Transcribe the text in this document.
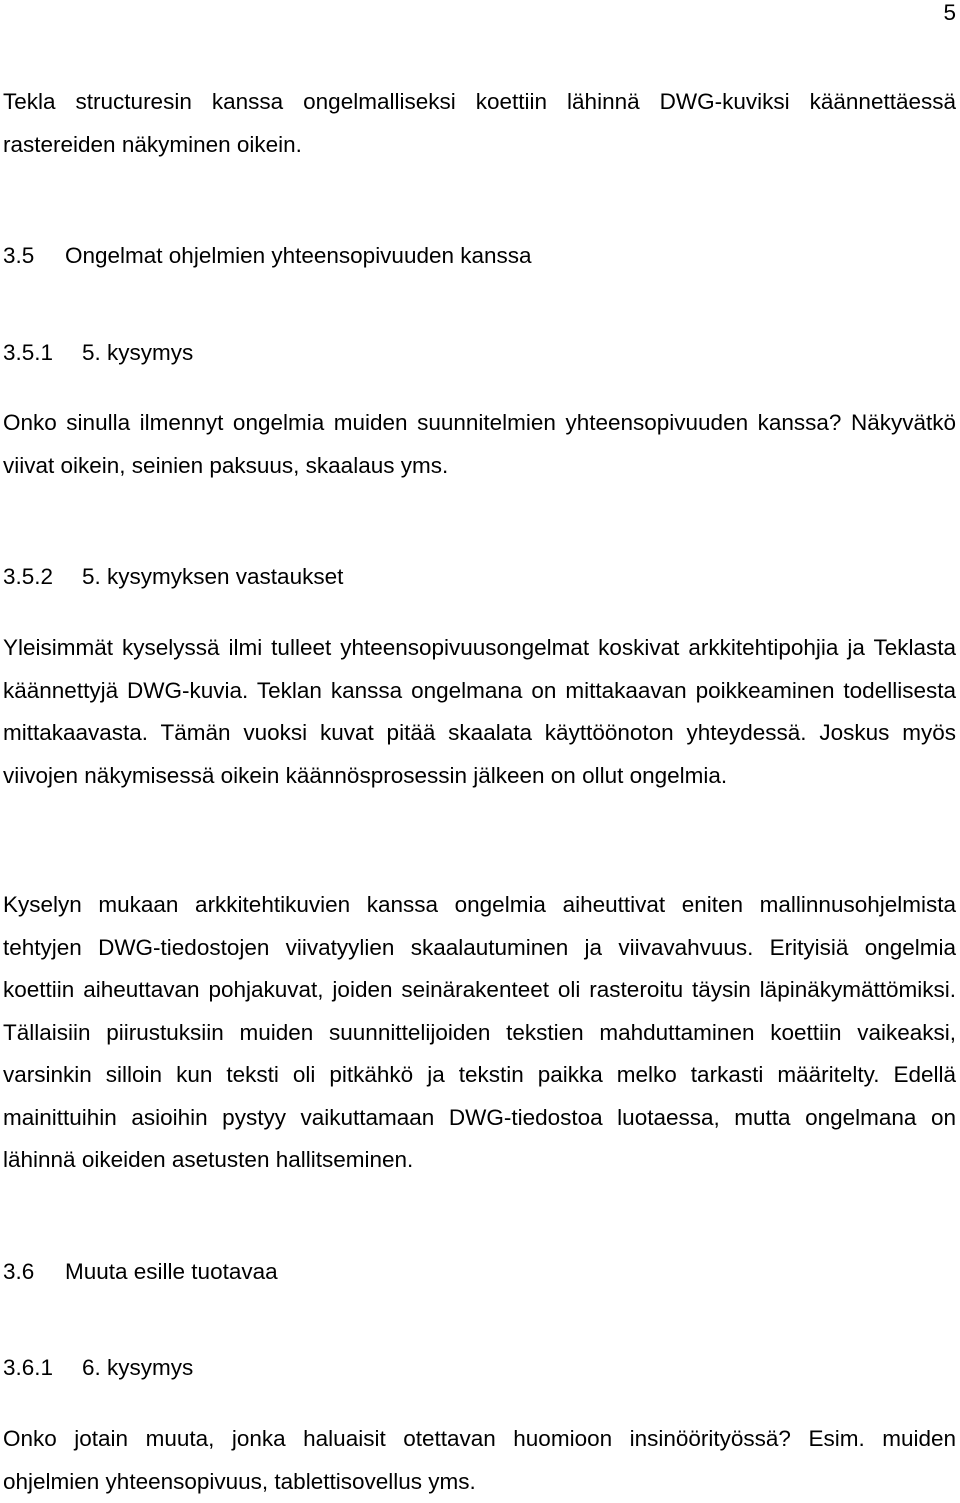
5

Tekla structuresin kanssa ongelmalliseksi koettiin lähinnä DWG-kuviksi käännettäessä rastereiden näkyminen oikein.

3.5 Ongelmat ohjelmien yhteensopivuuden kanssa
3.5.1 5. kysymys

Onko sinulla ilmennyt ongelmia muiden suunnitelmien yhteensopivuuden kanssa? Näkyvätkö viivat oikein, seinien paksuus, skaalaus yms.

3.5.2 5. kysymyksen vastaukset

Yleisimmät kyselyssä ilmi tulleet yhteensopivuusongelmat koskivat arkkitehtipohjia ja Teklasta käännettyjä DWG-kuvia. Teklan kanssa ongelmana on mittakaavan poikkeaminen todellisesta mittakaavasta. Tämän vuoksi kuvat pitää skaalata käyttöönoton yhteydessä. Joskus myös viivojen näkymisessä oikein käännösprosessin jälkeen on ollut ongelmia.

Kyselyn mukaan arkkitehtikuvien kanssa ongelmia aiheuttivat eniten mallinnusohjelmista tehtyjen DWG-tiedostojen viivatyylien skaalautuminen ja viivavahvuus. Erityisiä ongelmia koettiin aiheuttavan pohjakuvat, joiden seinärakenteet oli rasteroitu täysin läpinäkymättömiksi. Tällaisiin piirustuksiin muiden suunnittelijoiden tekstien mahduttaminen koettiin vaikeaksi, varsinkin silloin kun teksti oli pitkähkö ja tekstin paikka melko tarkasti määritelty. Edellä mainittuihin asioihin pystyy vaikuttamaan DWG-tiedostoa luotaessa, mutta ongelmana on lähinnä oikeiden asetusten hallitseminen.

3.6 Muuta esille tuotavaa
3.6.1 6. kysymys

Onko jotain muuta, jonka haluaisit otettavan huomioon insinöörityössä? Esim. muiden ohjelmien yhteensopivuus, tablettisovellus yms.
